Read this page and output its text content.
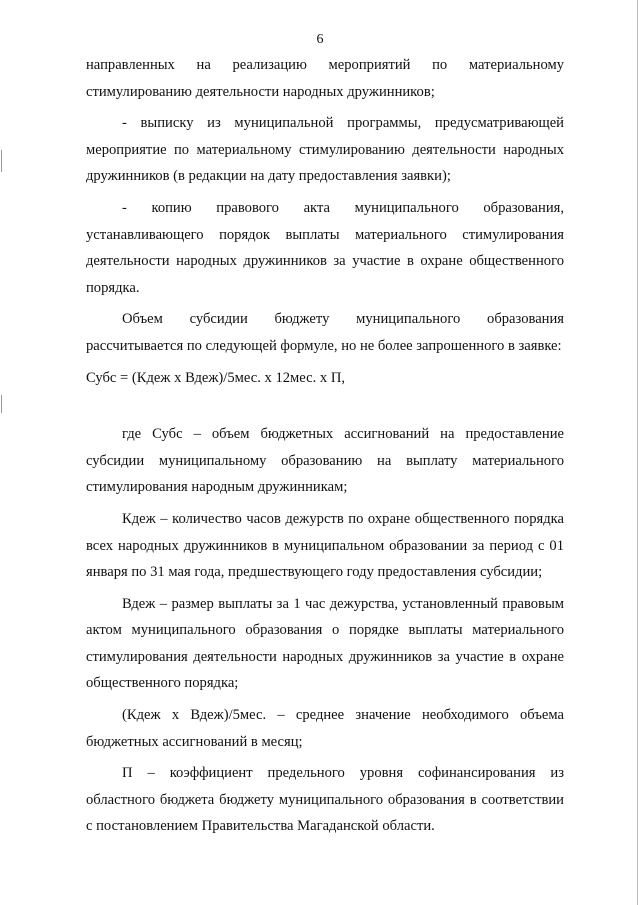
6

направленных на реализацию мероприятий по материальному стимулированию деятельности народных дружинников;

- выписку из муниципальной программы, предусматривающей мероприятие по материальному стимулированию деятельности народных дружинников (в редакции на дату предоставления заявки);

- копию правового акта муниципального образования, устанавливающего порядок выплаты материального стимулирования деятельности народных дружинников за участие в охране общественного порядка.

Объем субсидии бюджету муниципального образования рассчитывается по следующей формуле, но не более запрошенного в заявке:

Субс = (Кдеж х Вдеж)/5мес. х 12мес. х П,

где Субс – объем бюджетных ассигнований на предоставление субсидии муниципальному образованию на выплату материального стимулирования народным дружинникам;

Кдеж – количество часов дежурств по охране общественного порядка всех народных дружинников в муниципальном образовании за период с 01 января по 31 мая года, предшествующего году предоставления субсидии;

Вдеж – размер выплаты за 1 час дежурства, установленный правовым актом муниципального образования о порядке выплаты материального стимулирования деятельности народных дружинников за участие в охране общественного порядка;

(Кдеж х Вдеж)/5мес. – среднее значение необходимого объема бюджетных ассигнований в месяц;

П – коэффициент предельного уровня софинансирования из областного бюджета бюджету муниципального образования в соответствии с постановлением Правительства Магаданской области.
